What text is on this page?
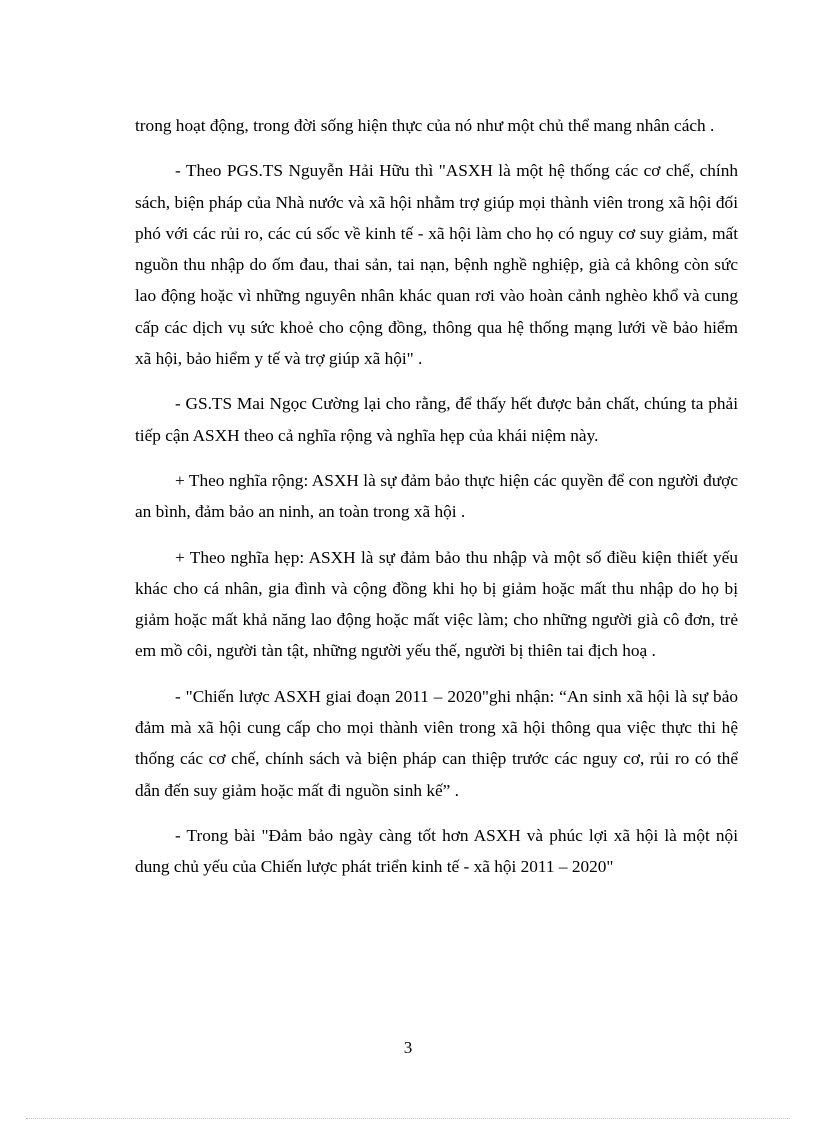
trong hoạt động, trong đời sống hiện thực của nó như một chủ thể mang nhân cách .

- Theo PGS.TS Nguyễn Hải Hữu thì "ASXH là một hệ thống các cơ chế, chính sách, biện pháp của Nhà nước và xã hội nhằm trợ giúp mọi thành viên trong xã hội đối phó với các rủi ro, các cú sốc về kinh tế - xã hội làm cho họ có nguy cơ suy giảm, mất nguồn thu nhập do ốm đau, thai sản, tai nạn, bệnh nghề nghiệp, già cả không còn sức lao động hoặc vì những nguyên nhân khác quan rơi vào hoàn cảnh nghèo khổ và cung cấp các dịch vụ sức khoẻ cho cộng đồng, thông qua hệ thống mạng lưới về bảo hiểm xã hội, bảo hiểm y tế và trợ giúp xã hội" .

- GS.TS Mai Ngọc Cường lại cho rằng, để thấy hết được bản chất, chúng ta phải tiếp cận ASXH theo cả nghĩa rộng và nghĩa hẹp của khái niệm này.

+ Theo nghĩa rộng: ASXH là sự đảm bảo thực hiện các quyền để con người được an bình, đảm bảo an ninh, an toàn trong xã hội .

+ Theo nghĩa hẹp: ASXH là sự đảm bảo thu nhập và một số điều kiện thiết yếu khác cho cá nhân, gia đình và cộng đồng khi họ bị giảm hoặc mất thu nhập do họ bị giảm hoặc mất khả năng lao động hoặc mất việc làm; cho những người già cô đơn, trẻ em mồ côi, người tàn tật, những người yếu thế, người bị thiên tai địch hoạ .

- "Chiến lược ASXH giai đoạn 2011 – 2020"ghi nhận: “An sinh xã hội là sự bảo đảm mà xã hội cung cấp cho mọi thành viên trong xã hội thông qua việc thực thi hệ thống các cơ chế, chính sách và biện pháp can thiệp trước các nguy cơ, rủi ro có thể dẫn đến suy giảm hoặc mất đi nguồn sinh kế” .

- Trong bài "Đảm bảo ngày càng tốt hơn ASXH và phúc lợi xã hội là một nội dung chủ yếu của Chiến lược phát triển kinh tế - xã hội 2011 – 2020"

3
